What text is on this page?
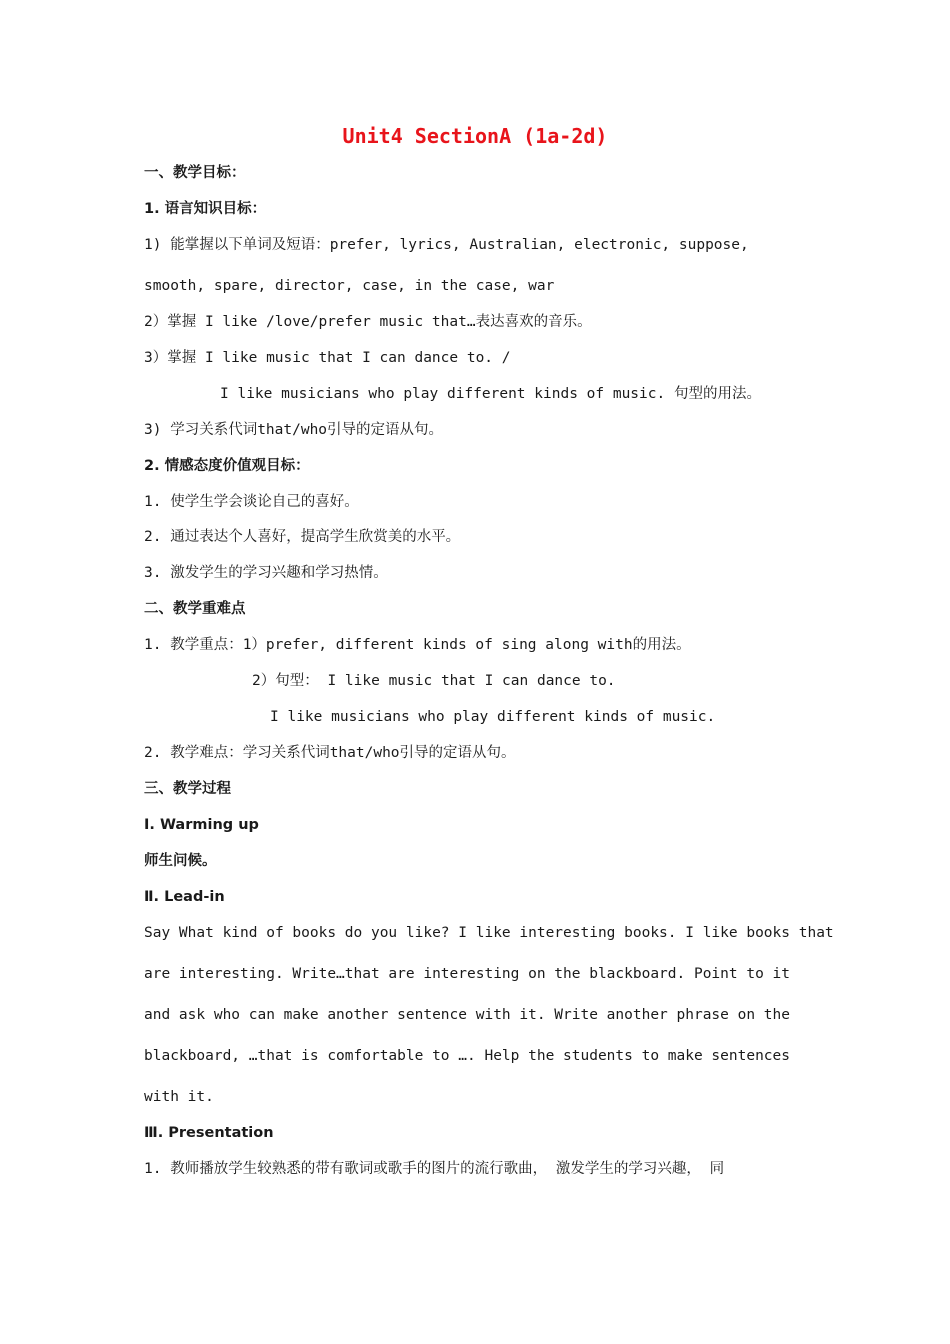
Unit4 SectionA (1a-2d)
一、教学目标：
1. 语言知识目标：
1) 能掌握以下单词及短语：prefer, lyrics, Australian, electronic, suppose,
smooth, spare, director, case, in the case, war
2）掌握 I like /love/prefer music that…表达喜欢的音乐。
3）掌握 I like music that I can dance to. /
I like musicians who play different kinds of music. 句型的用法。
3) 学习关系代词that/who引导的定语从句。
2. 情感态度价值观目标：
1. 使学生学会谈论自己的喜好。
2. 通过表达个人喜好，提高学生欣赏美的水平。
3. 激发学生的学习兴趣和学习热情。
二、教学重难点
1. 教学重点：1）prefer, different kinds of sing along with的用法。
2）句型： I like music that I can dance to.
I like musicians who play different kinds of music.
2. 教学难点：学习关系代词that/who引导的定语从句。
三、教学过程
Ⅰ. Warming up
师生问候。
Ⅱ. Lead-in
Say What kind of books do you like? I like interesting books. I like books that
are interesting. Write…that are interesting on the blackboard. Point to it
and ask who can make another sentence with it. Write another phrase on the
blackboard, …that is comfortable to …. Help the students to make sentences
with it.
Ⅲ. Presentation
1. 教师播放学生较熟悉的带有歌词或歌手的图片的流行歌曲， 激发学生的学习兴趣， 同
